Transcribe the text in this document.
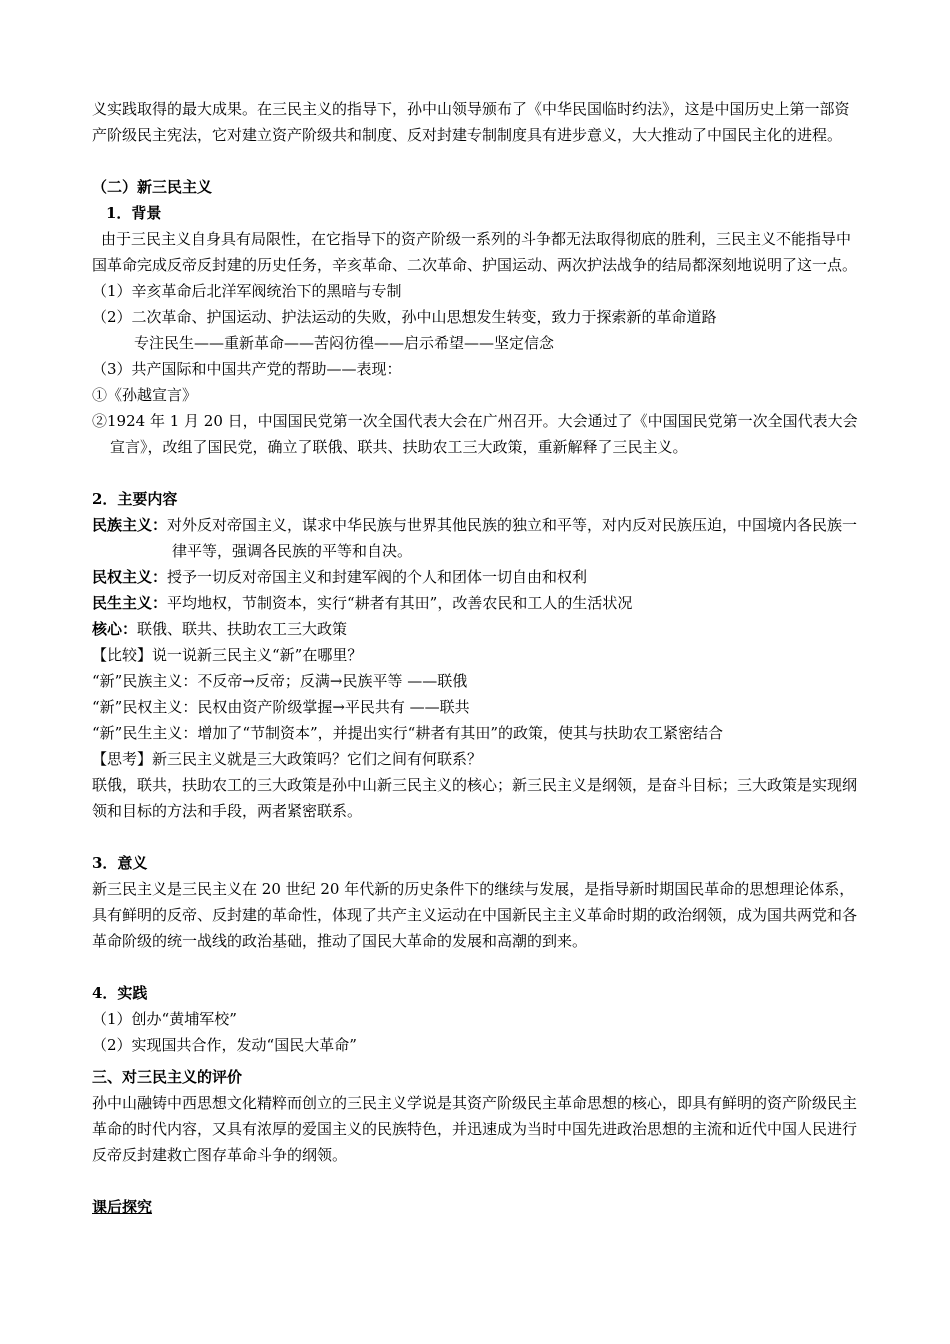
义实践取得的最大成果。在三民主义的指导下，孙中山领导颁布了《中华民国临时约法》，这是中国历史上第一部资产阶级民主宪法，它对建立资产阶级共和制度、反对封建专制制度具有进步意义，大大推动了中国民主化的进程。

（二）新三民主义

1．背景

由于三民主义自身具有局限性，在它指导下的资产阶级一系列的斗争都无法取得彻底的胜利，三民主义不能指导中国革命完成反帝反封建的历史任务，辛亥革命、二次革命、护国运动、两次护法战争的结局都深刻地说明了这一点。

（1）辛亥革命后北洋军阀统治下的黑暗与专制

（2）二次革命、护国运动、护法运动的失败，孙中山思想发生转变，致力于探索新的革命道路

专注民生——重新革命——苦闷彷徨——启示希望——坚定信念

（3）共产国际和中国共产党的帮助——表现：

①《孙越宣言》

②1924 年 1 月 20 日，中国国民党第一次全国代表大会在广州召开。大会通过了《中国国民党第一次全国代表大会宣言》，改组了国民党，确立了联俄、联共、扶助农工三大政策，重新解释了三民主义。

2．主要内容

民族主义：对外反对帝国主义，谋求中华民族与世界其他民族的独立和平等，对内反对民族压迫，中国境内各民族一律平等，强调各民族的平等和自决。

民权主义：授予一切反对帝国主义和封建军阀的个人和团体一切自由和权利

民生主义：平均地权，节制资本，实行“耕者有其田”，改善农民和工人的生活状况

核心：联俄、联共、扶助农工三大政策

【比较】说一说新三民主义“新”在哪里？

“新”民族主义：不反帝→反帝；反满→民族平等 ——联俄

“新”民权主义：民权由资产阶级掌握→平民共有 ——联共

“新”民生主义：增加了“节制资本”，并提出实行“耕者有其田”的政策，使其与扶助农工紧密结合

【思考】新三民主义就是三大政策吗？它们之间有何联系？

联俄，联共，扶助农工的三大政策是孙中山新三民主义的核心；新三民主义是纲领，是奋斗目标；三大政策是实现纲领和目标的方法和手段，两者紧密联系。

3．意义

新三民主义是三民主义在 20 世纪 20 年代新的历史条件下的继续与发展，是指导新时期国民革命的思想理论体系，具有鲜明的反帝、反封建的革命性，体现了共产主义运动在中国新民主主义革命时期的政治纲领，成为国共两党和各革命阶级的统一战线的政治基础，推动了国民大革命的发展和高潮的到来。

4．实践

（1）创办“黄埔军校”

（2）实现国共合作，发动“国民大革命”

三、对三民主义的评价

孙中山融铸中西思想文化精粹而创立的三民主义学说是其资产阶级民主革命思想的核心，即具有鲜明的资产阶级民主革命的时代内容，又具有浓厚的爱国主义的民族特色，并迅速成为当时中国先进政治思想的主流和近代中国人民进行反帝反封建救亡图存革命斗争的纲领。

课后探究
